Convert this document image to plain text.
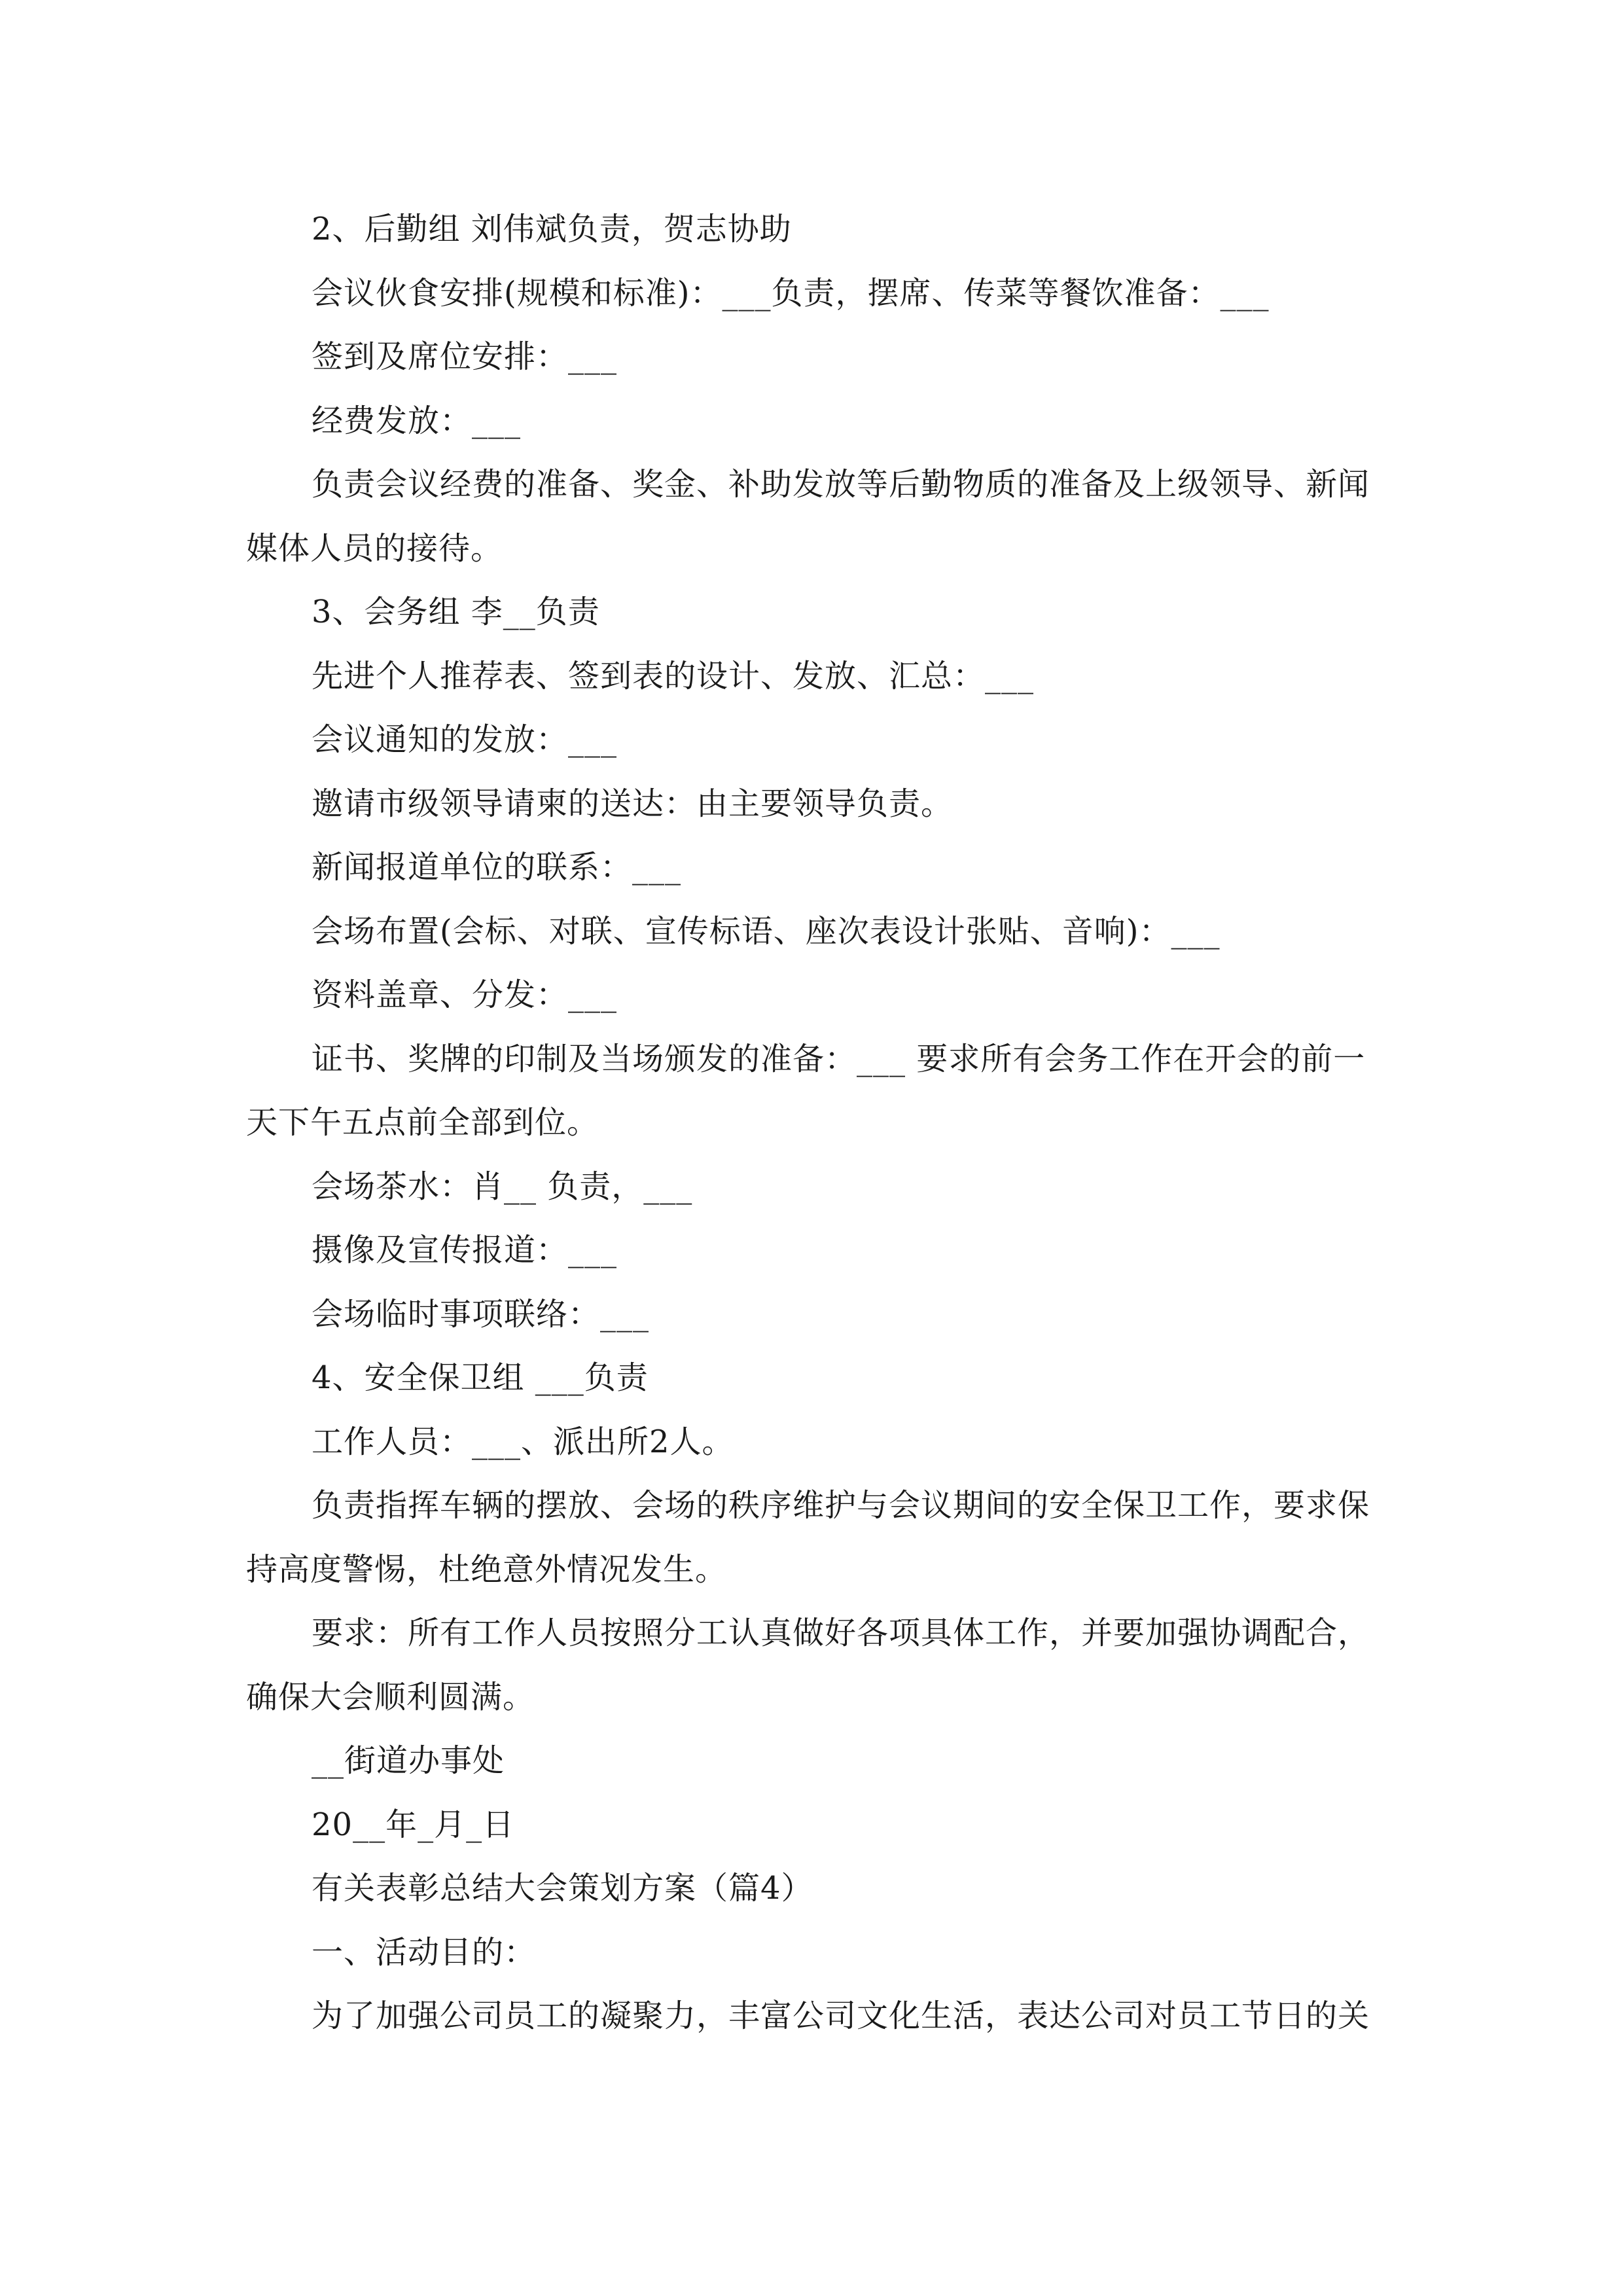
2、后勤组 刘伟斌负责，贺志协助

会议伙食安排(规模和标准)：___负责，摆席、传菜等餐饮准备：___

签到及席位安排：___

经费发放：___

负责会议经费的准备、奖金、补助发放等后勤物质的准备及上级领导、新闻媒体人员的接待。

3、会务组 李__负责

先进个人推荐表、签到表的设计、发放、汇总：___

会议通知的发放：___

邀请市级领导请柬的送达：由主要领导负责。

新闻报道单位的联系：___

会场布置(会标、对联、宣传标语、座次表设计张贴、音响)：___

资料盖章、分发：___

证书、奖牌的印制及当场颁发的准备：___ 要求所有会务工作在开会的前一天下午五点前全部到位。

会场茶水：肖__ 负责，___

摄像及宣传报道：___

会场临时事项联络：___

4、安全保卫组 ___负责

工作人员：___、派出所2人。

负责指挥车辆的摆放、会场的秩序维护与会议期间的安全保卫工作，要求保持高度警惕，杜绝意外情况发生。

要求：所有工作人员按照分工认真做好各项具体工作，并要加强协调配合，确保大会顺利圆满。

__街道办事处

20__年_月_日

有关表彰总结大会策划方案（篇4）

一、活动目的：

为了加强公司员工的凝聚力，丰富公司文化生活，表达公司对员工节日的关
